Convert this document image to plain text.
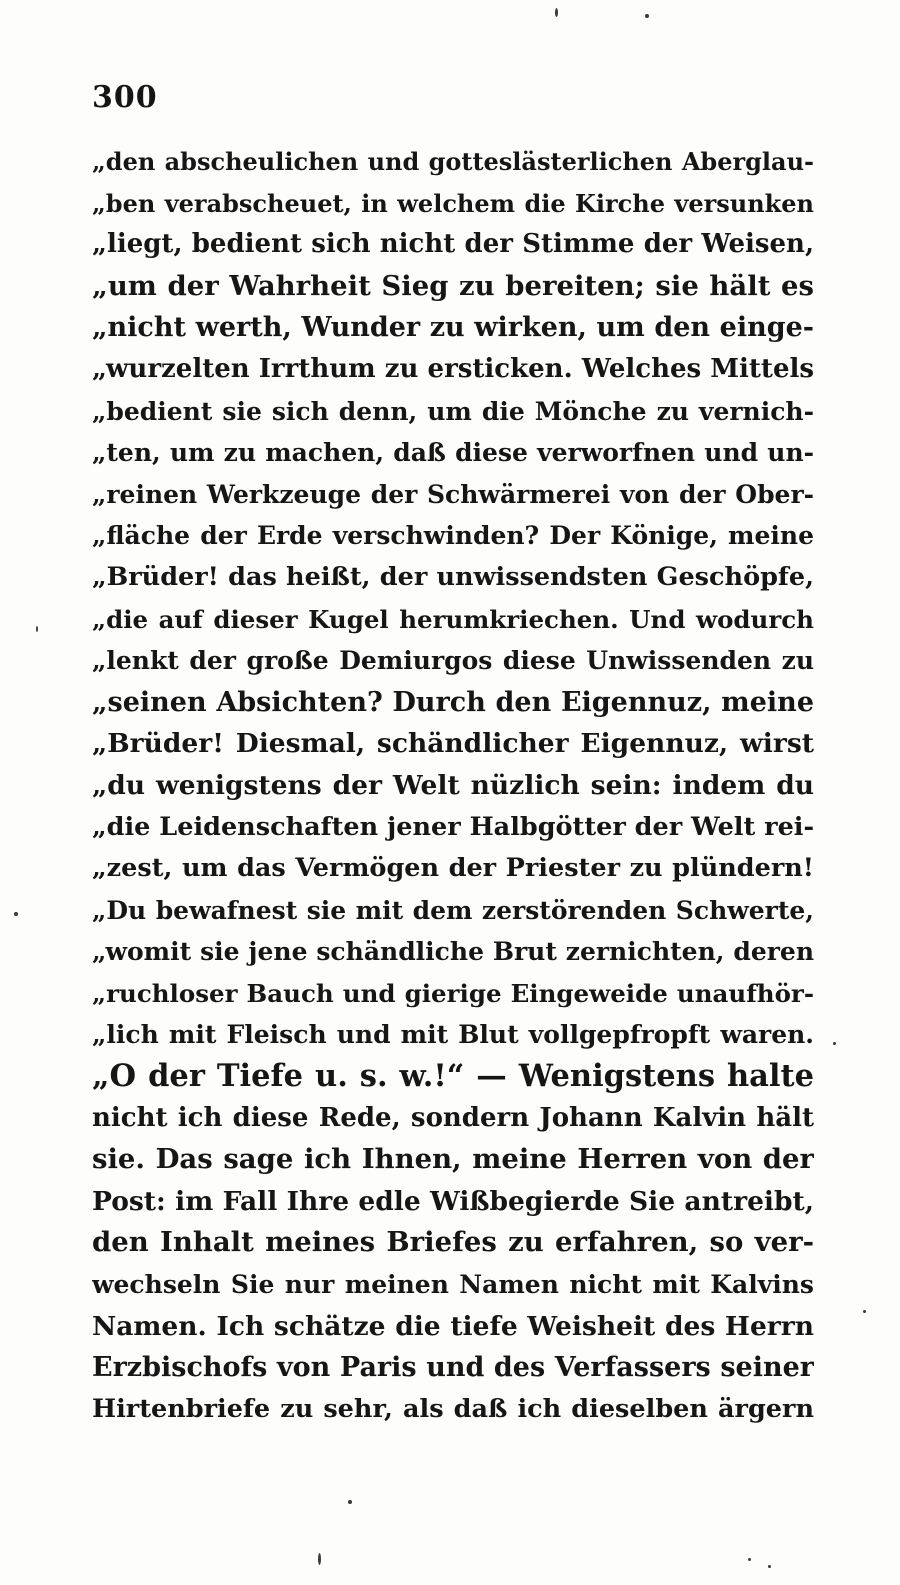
300
„den abscheulichen und gotteslästerlichen Aberglau-
„ben verabscheuet, in welchem die Kirche versunken
„liegt, bedient sich nicht der Stimme der Weisen,
„um der Wahrheit Sieg zu bereiten; sie hält es
„nicht werth, Wunder zu wirken, um den einge-
„wurzelten Irrthum zu ersticken. Welches Mittels
„bedient sie sich denn, um die Mönche zu vernich-
„ten, um zu machen, daß diese verworfnen und un-
„reinen Werkzeuge der Schwärmerei von der Ober-
„fläche der Erde verschwinden? Der Könige, meine
„Brüder! das heißt, der unwissendsten Geschöpfe,
„die auf dieser Kugel herumkriechen. Und wodurch
„lenkt der große Demiurgos diese Unwissenden zu
„seinen Absichten? Durch den Eigennuz, meine
„Brüder! Diesmal, schändlicher Eigennuz, wirst
„du wenigstens der Welt nüzlich sein: indem du
„die Leidenschaften jener Halbgötter der Welt rei-
„zest, um das Vermögen der Priester zu plündern!
„Du bewafnest sie mit dem zerstörenden Schwerte,
„womit sie jene schändliche Brut zernichten, deren
„ruchloser Bauch und gierige Eingeweide unaufhör-
„lich mit Fleisch und mit Blut vollgepfropft waren.
„O der Tiefe u. s. w.!“ — Wenigstens halte
nicht ich diese Rede, sondern Johann Kalvin hält
sie. Das sage ich Ihnen, meine Herren von der
Post: im Fall Ihre edle Wißbegierde Sie antreibt,
den Inhalt meines Briefes zu erfahren, so ver-
wechseln Sie nur meinen Namen nicht mit Kalvins
Namen. Ich schätze die tiefe Weisheit des Herrn
Erzbischofs von Paris und des Verfassers seiner
Hirtenbriefe zu sehr, als daß ich dieselben ärgern
